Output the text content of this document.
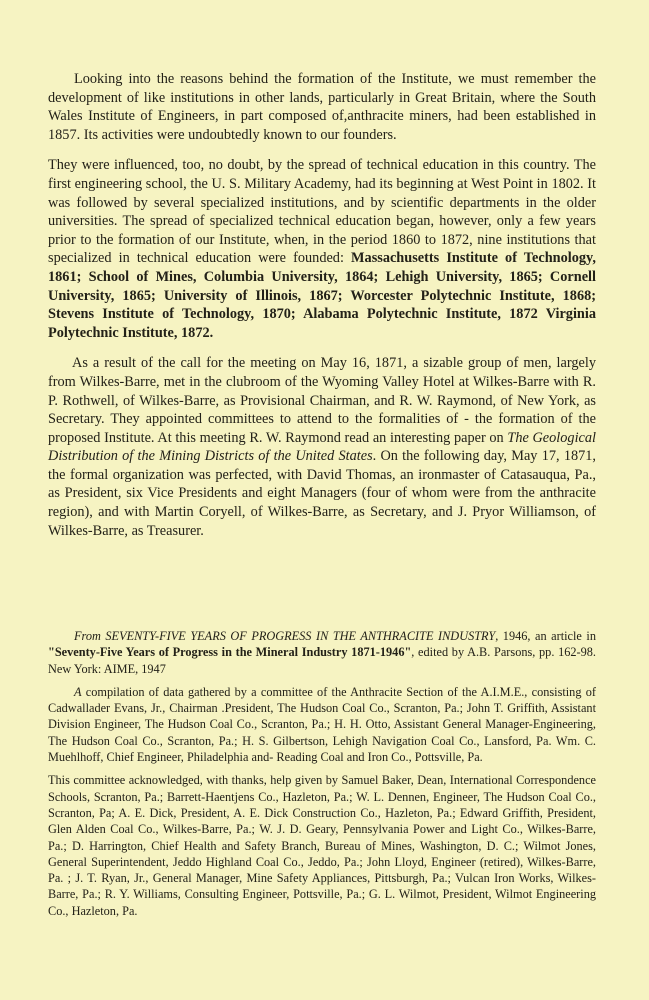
Looking into the reasons behind the formation of the Institute, we must remember the development of like institutions in other lands, particularly in Great Britain, where the South Wales Institute of Engineers, in part composed of,anthracite miners, had been established in 1857. Its activities were undoubtedly known to our founders.

They were influenced, too, no doubt, by the spread of technical education in this country. The first engineering school, the U. S. Military Academy, had its beginning at West Point in 1802. It was followed by several specialized institutions, and by scientific departments in the older universities. The spread of specialized technical education began, however, only a few years prior to the formation of our Institute, when, in the period 1860 to 1872, nine institutions that specialized in technical education were founded: Massachusetts Institute of Technology, 1861; School of Mines, Columbia University, 1864; Lehigh University, 1865; Cornell University, 1865; University of Illinois, 1867; Worcester Polytechnic Institute, 1868; Stevens Institute of Technology, 1870; Alabama Polytechnic Institute, 1872 Virginia Polytechnic Institute, 1872.

As a result of the call for the meeting on May 16, 1871, a sizable group of men, largely from Wilkes-Barre, met in the clubroom of the Wyoming Valley Hotel at Wilkes-Barre with R. P. Rothwell, of Wilkes-Barre, as Provisional Chairman, and R. W. Raymond, of New York, as Secretary. They appointed committees to attend to the formalities of - the formation of the proposed Institute. At this meeting R. W. Raymond read an interesting paper on The Geological Distribution of the Mining Districts of the United States. On the following day, May 17, 1871, the formal organization was perfected, with David Thomas, an ironmaster of Catasauqua, Pa., as President, six Vice Presidents and eight Managers (four of whom were from the anthracite region), and with Martin Coryell, of Wilkes-Barre, as Secretary, and J. Pryor Williamson, of Wilkes-Barre, as Treasurer.

From SEVENTY-FIVE YEARS OF PROGRESS IN THE ANTHRACITE INDUSTRY, 1946, an article in "Seventy-Five Years of Progress in the Mineral Industry 1871-1946", edited by A.B. Parsons, pp. 162-98. New York: AIME, 1947

A compilation of data gathered by a committee of the Anthracite Section of the A.I.M.E., consisting of Cadwallader Evans, Jr., Chairman .President, The Hudson Coal Co., Scranton, Pa.; John T. Griffith, Assistant Division Engineer, The Hudson Coal Co., Scranton, Pa.; H. H. Otto, Assistant General Manager-Engineering, The Hudson Coal Co., Scranton, Pa.; H. S. Gilbertson, Lehigh Navigation Coal Co., Lansford, Pa. Wm. C. Muehlhoff, Chief Engineer, Philadelphia and- Reading Coal and Iron Co., Pottsville, Pa.

This committee acknowledged, with thanks, help given by Samuel Baker, Dean, International Correspondence Schools, Scranton, Pa.; Barrett-Haentjens Co., Hazleton, Pa.; W. L. Dennen, Engineer, The Hudson Coal Co., Scranton, Pa; A. E. Dick, President, A. E. Dick Construction Co., Hazleton, Pa.; Edward Griffith, President, Glen Alden Coal Co., Wilkes-Barre, Pa.; W. J. D. Geary, Pennsylvania Power and Light Co., Wilkes-Barre, Pa.; D. Harrington, Chief Health and Safety Branch, Bureau of Mines, Washington, D. C.; Wilmot Jones, General Superintendent, Jeddo Highland Coal Co., Jeddo, Pa.; John Lloyd, Engineer (retired), Wilkes-Barre, Pa. ; J. T. Ryan, Jr., General Manager, Mine Safety Appliances, Pittsburgh, Pa.; Vulcan Iron Works, Wilkes-Barre, Pa.; R. Y. Williams, Consulting Engineer, Pottsville, Pa.; G. L. Wilmot, President, Wilmot Engineering Co., Hazleton, Pa.
